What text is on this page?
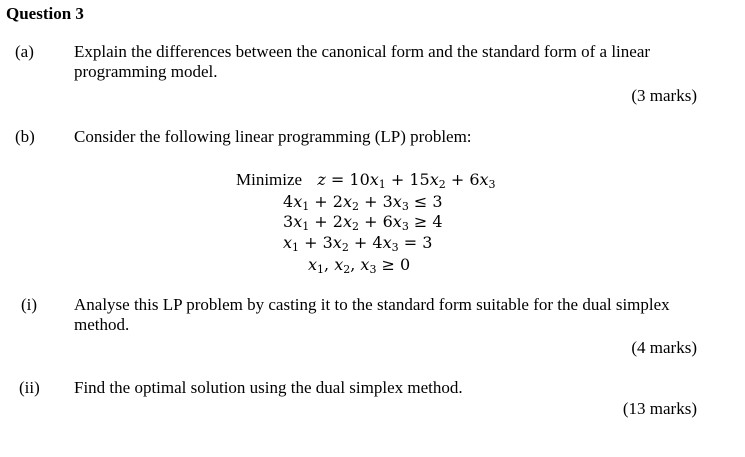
Question 3
(a) Explain the differences between the canonical form and the standard form of a linear
programming model.
(3 marks)
(b) Consider the following linear programming (LP) problem:
Minimize $z = 10x_1 + 15x_2 + 6x_3$
$4x_1 + 2x_2 + 3x_3 \le 3$
$3x_1 + 2x_2 + 6x_3 \ge 4$
$x_1 + 3x_2 + 4x_3 = 3$
$x_1$, $x_2$, $x_3 \ge 0$
(i) Analyse this LP problem by casting it to the standard form suitable for the dual simplex
method.
(4 marks)
(ii) Find the optimal solution using the dual simplex method.
(13 marks)
